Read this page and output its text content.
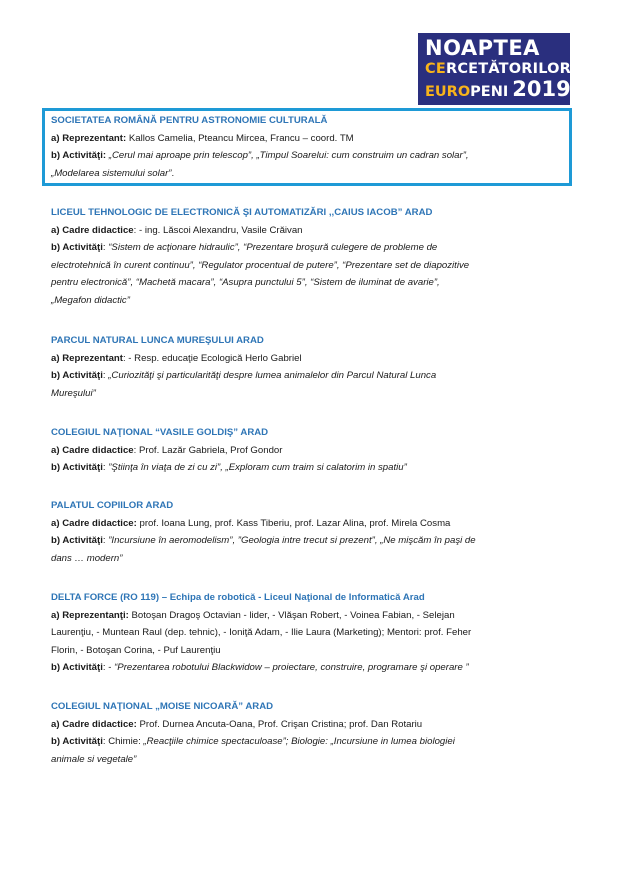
NOAPTEA
CERCETĂTORILOR
EURO PENI 2019
SOCIETATEA ROMÂNĂ PENTRU ASTRONOMIE CULTURALĂ
a) Reprezentant: Kallos Camelia, Pteancu Mircea, Francu – coord. TM
b) Activităţi: „Cerul mai aproape prin telescop”, „Timpul Soarelui: cum construim un cadran solar”,
„Modelarea sistemului solar”.
LICEUL TEHNOLOGIC DE ELECTRONICĂ ŞI AUTOMATIZĂRI ,,CAIUS IACOB” ARAD
a) Cadre didactice: - ing. Lăscoi Alexandru, Vasile Crăivan
b) Activităţi: “Sistem de acţionare hidraulic”, “Prezentare broşură culegere de probleme de
electrotehnică în curent continuu”, “Regulator procentual de putere”, “Prezentare set de diapozitive
pentru electronică”, “Machetă macara”, “Asupra punctului 5”, “Sistem de iluminat de avarie”,
„Megafon didactic”
PARCUL NATURAL LUNCA MUREŞULUI ARAD
a) Reprezentant: - Resp. educaţie Ecologică Herlo Gabriel
b) Activităţi: „Curiozităţi şi particularităţi despre lumea animalelor din Parcul Natural Lunca
Mureşului”
COLEGIUL NAŢIONAL “VASILE GOLDIŞ” ARAD
a) Cadre didactice: Prof. Lazăr Gabriela, Prof Gondor
b) Activităţi: ”Ştiinţa în viaţa de zi cu zi”, „Exploram cum traim si calatorim in spatiu”
PALATUL COPIILOR ARAD
a) Cadre didactice: prof. Ioana Lung, prof. Kass Tiberiu, prof. Lazar Alina, prof. Mirela Cosma
b) Activităţi: ”Incursiune în aeromodelism”, ”Geologia intre trecut si prezent”, „Ne mişcăm în paşi de
dans … modern”
DELTA FORCE (RO 119) – Echipa de robotică - Liceul Naţional de Informatică Arad
a) Reprezentanţi: Botoşan Dragoş Octavian - lider, - Vlăşan Robert, - Voinea Fabian, - Selejan
Laurenţiu, - Muntean Raul (dep. tehnic), - Ioniţă Adam, - Ilie Laura (Marketing); Mentori: prof. Feher
Florin, - Botoşan Corina, - Puf Laurenţiu
b) Activităţi: - “Prezentarea robotului Blackwidow – proiectare, construire, programare şi operare ”
COLEGIUL NAŢIONAL „MOISE NICOARĂ” ARAD
a) Cadre didactice: Prof. Durnea Ancuta-Oana, Prof. Crişan Cristina; prof. Dan Rotariu
b) Activităţi: Chimie: „Reacţiile chimice spectaculoase”; Biologie: „Incursiune in lumea biologiei
animale si vegetale”
